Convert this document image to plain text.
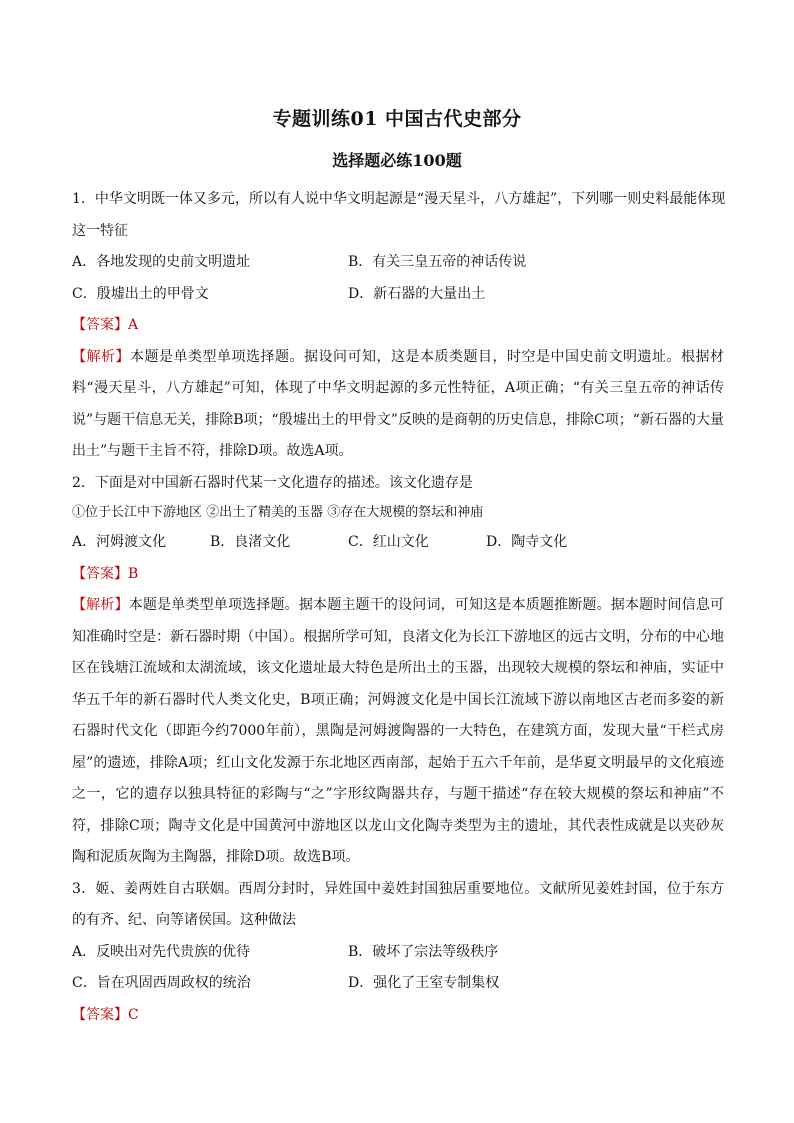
专题训练01 中国古代史部分
选择题必练100题
1．中华文明既一体又多元，所以有人说中华文明起源是“漫天星斗，八方雄起”，下列哪一则史料最能体现
这一特征
A．各地发现的史前文明遗址	B．有关三皇五帝的神话传说
C．殷墟出土的甲骨文	D．新石器的大量出土
【答案】A
【解析】本题是单类型单项选择题。据设问可知，这是本质类题目，时空是中国史前文明遗址。根据材料“漫天星斗，八方雄起”可知，体现了中华文明起源的多元性特征，A项正确；“有关三皇五帝的神话传说”与题干信息无关，排除B项；“殷墟出土的甲骨文”反映的是商朝的历史信息，排除C项；“新石器的大量出土”与题干主旨不符，排除D项。故选A项。
2．下面是对中国新石器时代某一文化遗存的描述。该文化遗存是
①位于长江中下游地区 ②出土了精美的玉器 ③存在大规模的祭坛和神庙
A．河姆渡文化	B．良渚文化	C．红山文化	D．陶寺文化
【答案】B
【解析】本题是单类型单项选择题。据本题主题干的设问词，可知这是本质题推断题。据本题时间信息可知准确时空是：新石器时期（中国）。根据所学可知，良渚文化为长江下游地区的远古文明，分布的中心地区在钱塘江流域和太湖流域，该文化遗址最大特色是所出土的玉器，出现较大规模的祭坛和神庙，实证中华五千年的新石器时代人类文化史，B项正确；河姆渡文化是中国长江流域下游以南地区古老而多姿的新石器时代文化（即距今约7000年前），黑陶是河姆渡陶器的一大特色，在建筑方面，发现大量“干栏式房屋”的遗迹，排除A项；红山文化发源于东北地区西南部，起始于五六千年前，是华夏文明最早的文化痕迹之一，它的遗存以独具特征的彩陶与“之”字形纹陶器共存，与题干描述“存在较大规模的祭坛和神庙”不符，排除C项；陶寺文化是中国黄河中游地区以龙山文化陶寺类型为主的遗址，其代表性成就是以夹砂灰陶和泥质灰陶为主陶器，排除D项。故选B项。
3．姬、姜两姓自古联姻。西周分封时，异姓国中姜姓封国独居重要地位。文献所见姜姓封国，位于东方的有齐、纪、向等诸侯国。这种做法
A．反映出对先代贵族的优待	B．破坏了宗法等级秩序
C．旨在巩固西周政权的统治	D．强化了王室专制集权
【答案】C
